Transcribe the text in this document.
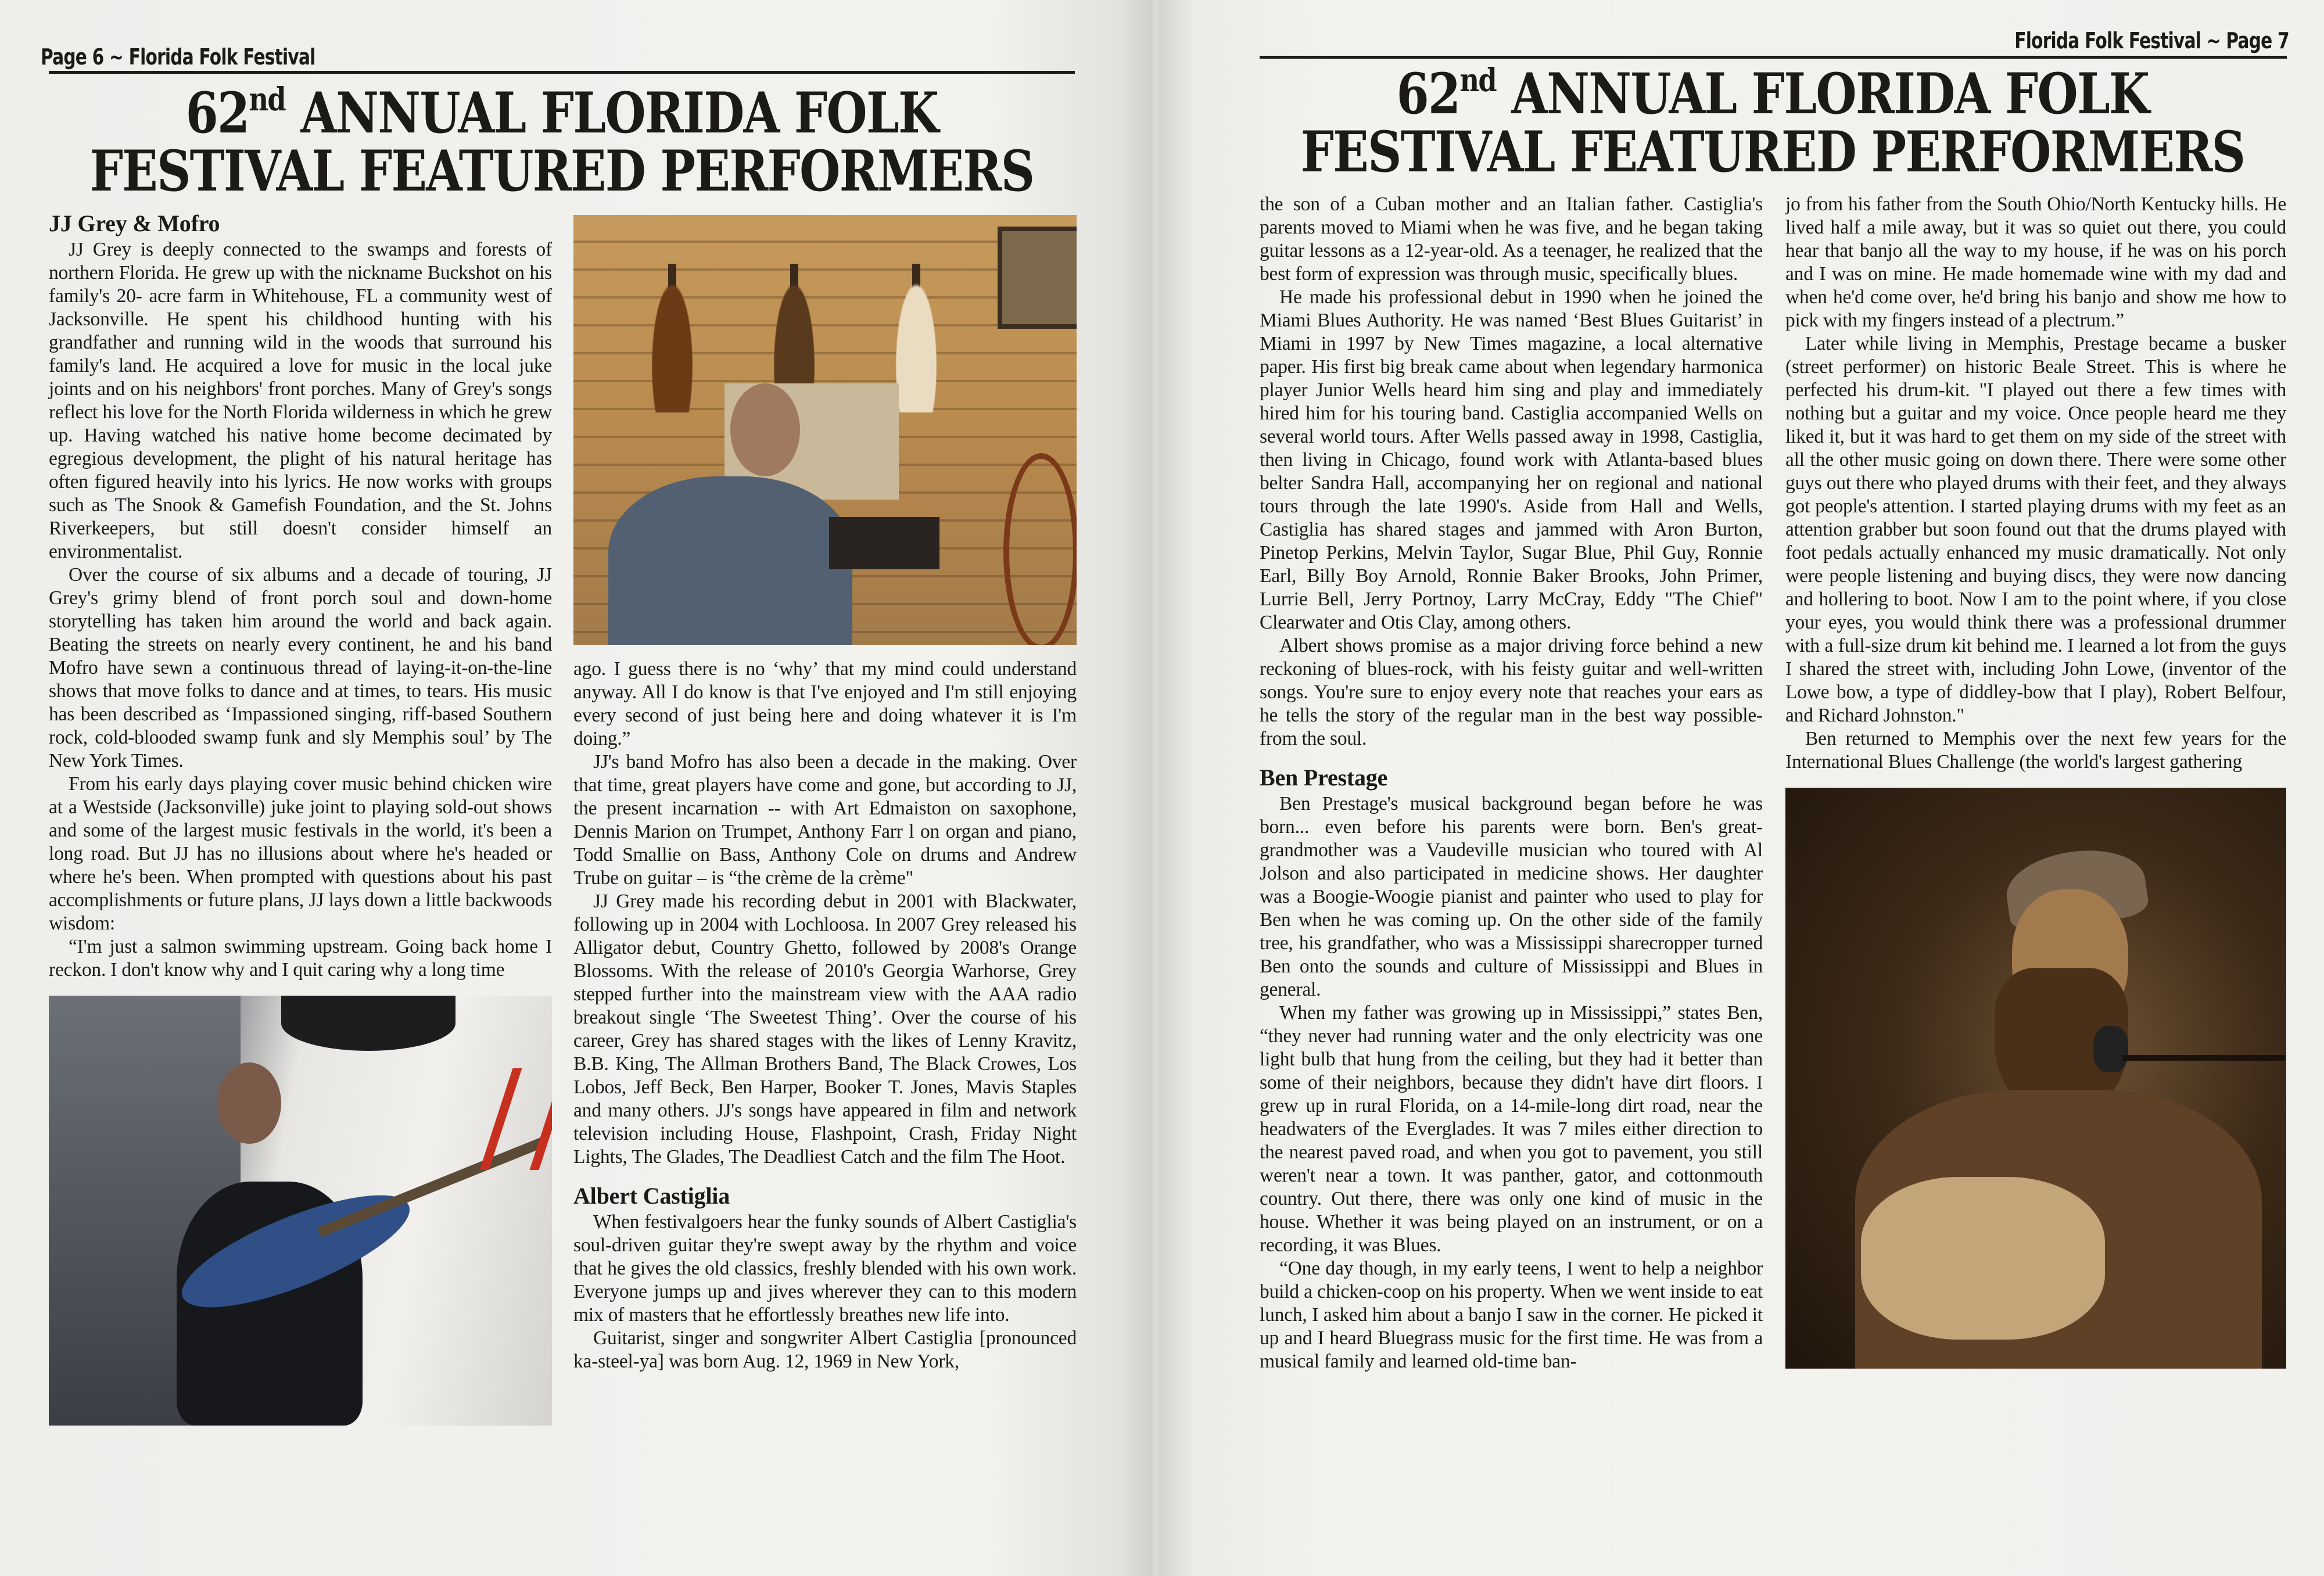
Page 6 ~ Florida Folk Festival
62nd ANNUAL FLORIDA FOLK
FESTIVAL FEATURED PERFORMERS
JJ Grey & Mofro

JJ Grey is deeply connected to the swamps and forests of northern Florida. He grew up with the nickname Buckshot on his family's 20- acre farm in Whitehouse, FL a community west of Jacksonville. He spent his childhood hunting with his grandfather and running wild in the woods that surround his family's land. He acquired a love for music in the local juke joints and on his neighbors' front porches. Many of Grey's songs reflect his love for the North Florida wilderness in which he grew up. Having watched his native home become decimated by egregious development, the plight of his natural heritage has often figured heavily into his lyrics. He now works with groups such as The Snook & Gamefish Foundation, and the St. Johns Riverkeepers, but still doesn't consider himself an environmentalist.

Over the course of six albums and a decade of touring, JJ Grey's grimy blend of front porch soul and down-home storytelling has taken him around the world and back again. Beating the streets on nearly every continent, he and his band Mofro have sewn a continuous thread of laying-it-on-the-line shows that move folks to dance and at times, to tears. His music has been described as ‘Impassioned singing, riff-based Southern rock, cold-blooded swamp funk and sly Memphis soul’ by The New York Times.

From his early days playing cover music behind chicken wire at a Westside (Jacksonville) juke joint to playing sold-out shows and some of the largest music festivals in the world, it's been a long road. But JJ has no illusions about where he's headed or where he's been. When prompted with questions about his past accomplishments or future plans, JJ lays down a little backwoods wisdom:

“I'm just a salmon swimming upstream. Going back home I reckon. I don't know why and I quit caring why a long time

ago. I guess there is no ‘why’ that my mind could understand anyway. All I do know is that I've enjoyed and I'm still enjoying every second of just being here and doing whatever it is I'm doing.”

JJ's band Mofro has also been a decade in the making. Over that time, great players have come and gone, but according to JJ, the present incarnation -- with Art Edmaiston on saxophone, Dennis Marion on Trumpet, Anthony Farr l on organ and piano, Todd Smallie on Bass, Anthony Cole on drums and Andrew Trube on guitar – is “the crème de la crème"

JJ Grey made his recording debut in 2001 with Blackwater, following up in 2004 with Lochloosa. In 2007 Grey released his Alligator debut, Country Ghetto, followed by 2008's Orange Blossoms. With the release of 2010's Georgia Warhorse, Grey stepped further into the mainstream view with the AAA radio breakout single ‘The Sweetest Thing’. Over the course of his career, Grey has shared stages with the likes of Lenny Kravitz, B.B. King, The Allman Brothers Band, The Black Crowes, Los Lobos, Jeff Beck, Ben Harper, Booker T. Jones, Mavis Staples and many others. JJ's songs have appeared in film and network television including House, Flashpoint, Crash, Friday Night Lights, The Glades, The Deadliest Catch and the film The Hoot.

Albert Castiglia

When festivalgoers hear the funky sounds of Albert Castiglia's soul-driven guitar they're swept away by the rhythm and voice that he gives the old classics, freshly blended with his own work. Everyone jumps up and jives wherever they can to this modern mix of masters that he effortlessly breathes new life into.

Guitarist, singer and songwriter Albert Castiglia [pronounced ka-steel-ya] was born Aug. 12, 1969 in New York,

Florida Folk Festival ~ Page 7
62nd ANNUAL FLORIDA FOLK
FESTIVAL FEATURED PERFORMERS

the son of a Cuban mother and an Italian father. Castiglia's parents moved to Miami when he was five, and he began taking guitar lessons as a 12-year-old. As a teenager, he realized that the best form of expression was through music, specifically blues.

He made his professional debut in 1990 when he joined the Miami Blues Authority. He was named ‘Best Blues Guitarist’ in Miami in 1997 by New Times magazine, a local alternative paper. His first big break came about when legendary harmonica player Junior Wells heard him sing and play and immediately hired him for his touring band. Castiglia accompanied Wells on several world tours. After Wells passed away in 1998, Castiglia, then living in Chicago, found work with Atlanta-based blues belter Sandra Hall, accompanying her on regional and national tours through the late 1990's. Aside from Hall and Wells, Castiglia has shared stages and jammed with Aron Burton, Pinetop Perkins, Melvin Taylor, Sugar Blue, Phil Guy, Ronnie Earl, Billy Boy Arnold, Ronnie Baker Brooks, John Primer, Lurrie Bell, Jerry Portnoy, Larry McCray, Eddy "The Chief" Clearwater and Otis Clay, among others.

Albert shows promise as a major driving force behind a new reckoning of blues-rock, with his feisty guitar and well-written songs. You're sure to enjoy every note that reaches your ears as he tells the story of the regular man in the best way possible- from the soul.

Ben Prestage

Ben Prestage's musical background began before he was born... even before his parents were born. Ben's great-grandmother was a Vaudeville musician who toured with Al Jolson and also participated in medicine shows. Her daughter was a Boogie-Woogie pianist and painter who used to play for Ben when he was coming up. On the other side of the family tree, his grandfather, who was a Mississippi sharecropper turned Ben onto the sounds and culture of Mississippi and Blues in general.

When my father was growing up in Mississippi,” states Ben, “they never had running water and the only electricity was one light bulb that hung from the ceiling, but they had it better than some of their neighbors, because they didn't have dirt floors. I grew up in rural Florida, on a 14-mile-long dirt road, near the headwaters of the Everglades. It was 7 miles either direction to the nearest paved road, and when you got to pavement, you still weren't near a town. It was panther, gator, and cottonmouth country. Out there, there was only one kind of music in the house. Whether it was being played on an instrument, or on a recording, it was Blues.

“One day though, in my early teens, I went to help a neighbor build a chicken-coop on his property. When we went inside to eat lunch, I asked him about a banjo I saw in the corner. He picked it up and I heard Bluegrass music for the first time. He was from a musical family and learned old-time ban-

jo from his father from the South Ohio/North Kentucky hills. He lived half a mile away, but it was so quiet out there, you could hear that banjo all the way to my house, if he was on his porch and I was on mine. He made homemade wine with my dad and when he'd come over, he'd bring his banjo and show me how to pick with my fingers instead of a plectrum.”

Later while living in Memphis, Prestage became a busker (street performer) on historic Beale Street. This is where he perfected his drum-kit. "I played out there a few times with nothing but a guitar and my voice. Once people heard me they liked it, but it was hard to get them on my side of the street with all the other music going on down there. There were some other guys out there who played drums with their feet, and they always got people's attention. I started playing drums with my feet as an attention grabber but soon found out that the drums played with foot pedals actually enhanced my music dramatically. Not only were people listening and buying discs, they were now dancing and hollering to boot. Now I am to the point where, if you close your eyes, you would think there was a professional drummer with a full-size drum kit behind me. I learned a lot from the guys I shared the street with, including John Lowe, (inventor of the Lowe bow, a type of diddley-bow that I play), Robert Belfour, and Richard Johnston."

Ben returned to Memphis over the next few years for the International Blues Challenge (the world's largest gathering
